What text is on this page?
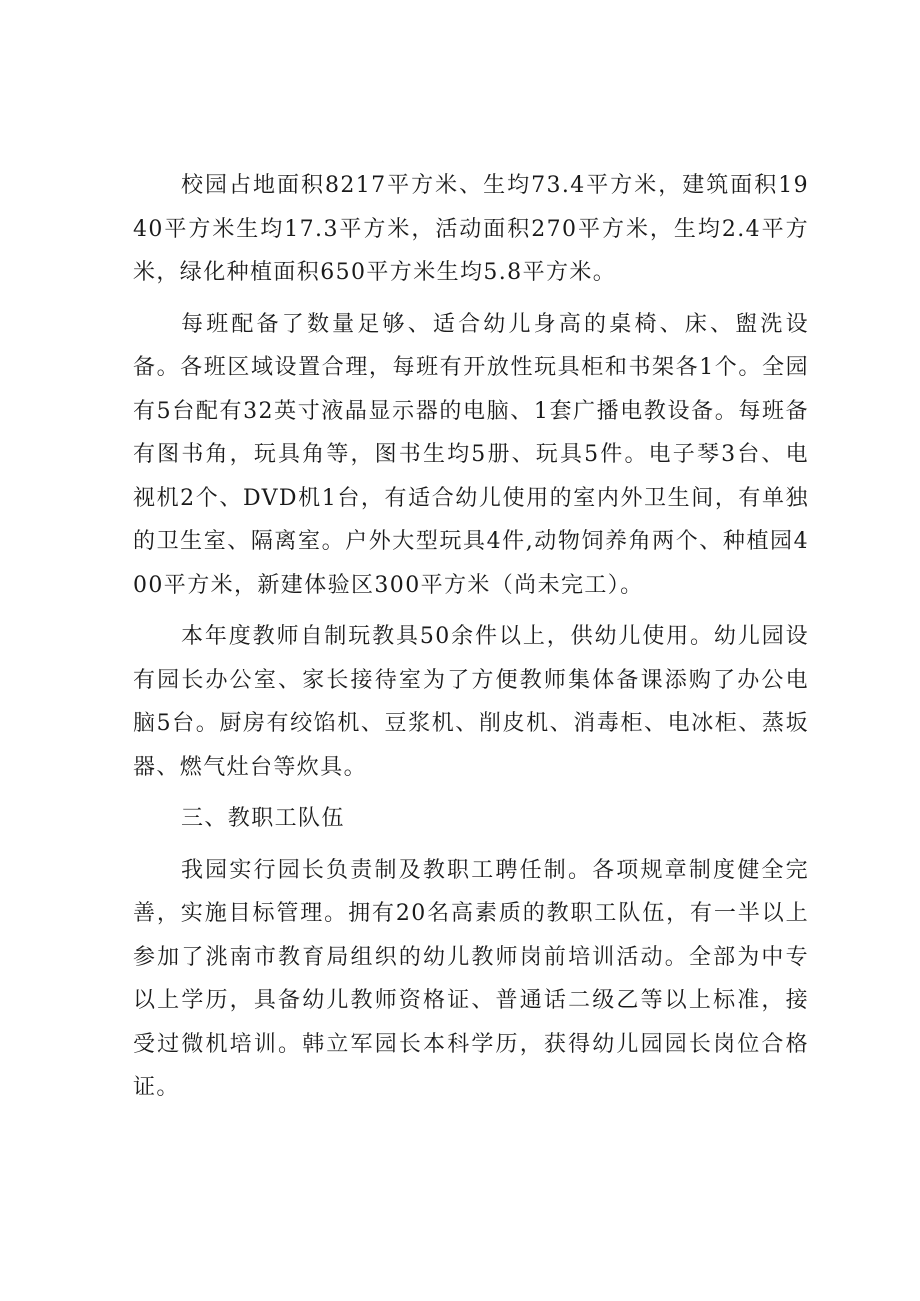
校园占地面积8217平方米、生均73.4平方米，建筑面积1940平方米生均17.3平方米，活动面积270平方米，生均2.4平方米，绿化种植面积650平方米生均5.8平方米。

每班配备了数量足够、适合幼儿身高的桌椅、床、盥洗设备。各班区域设置合理，每班有开放性玩具柜和书架各1个。全园有5台配有32英寸液晶显示器的电脑、1套广播电教设备。每班备有图书角，玩具角等，图书生均5册、玩具5件。电子琴3台、电视机2个、DVD机1台，有适合幼儿使用的室内外卫生间，有单独的卫生室、隔离室。户外大型玩具4件,动物饲养角两个、种植园400平方米，新建体验区300平方米（尚未完工）。

本年度教师自制玩教具50余件以上，供幼儿使用。幼儿园设有园长办公室、家长接待室为了方便教师集体备课添购了办公电脑5台。厨房有绞馅机、豆浆机、削皮机、消毒柜、电冰柜、蒸坂器、燃气灶台等炊具。

三、教职工队伍

我园实行园长负责制及教职工聘任制。各项规章制度健全完善，实施目标管理。拥有20名高素质的教职工队伍，有一半以上参加了洮南市教育局组织的幼儿教师岗前培训活动。全部为中专以上学历，具备幼儿教师资格证、普通话二级乙等以上标准，接受过微机培训。韩立军园长本科学历，获得幼儿园园长岗位合格证。
